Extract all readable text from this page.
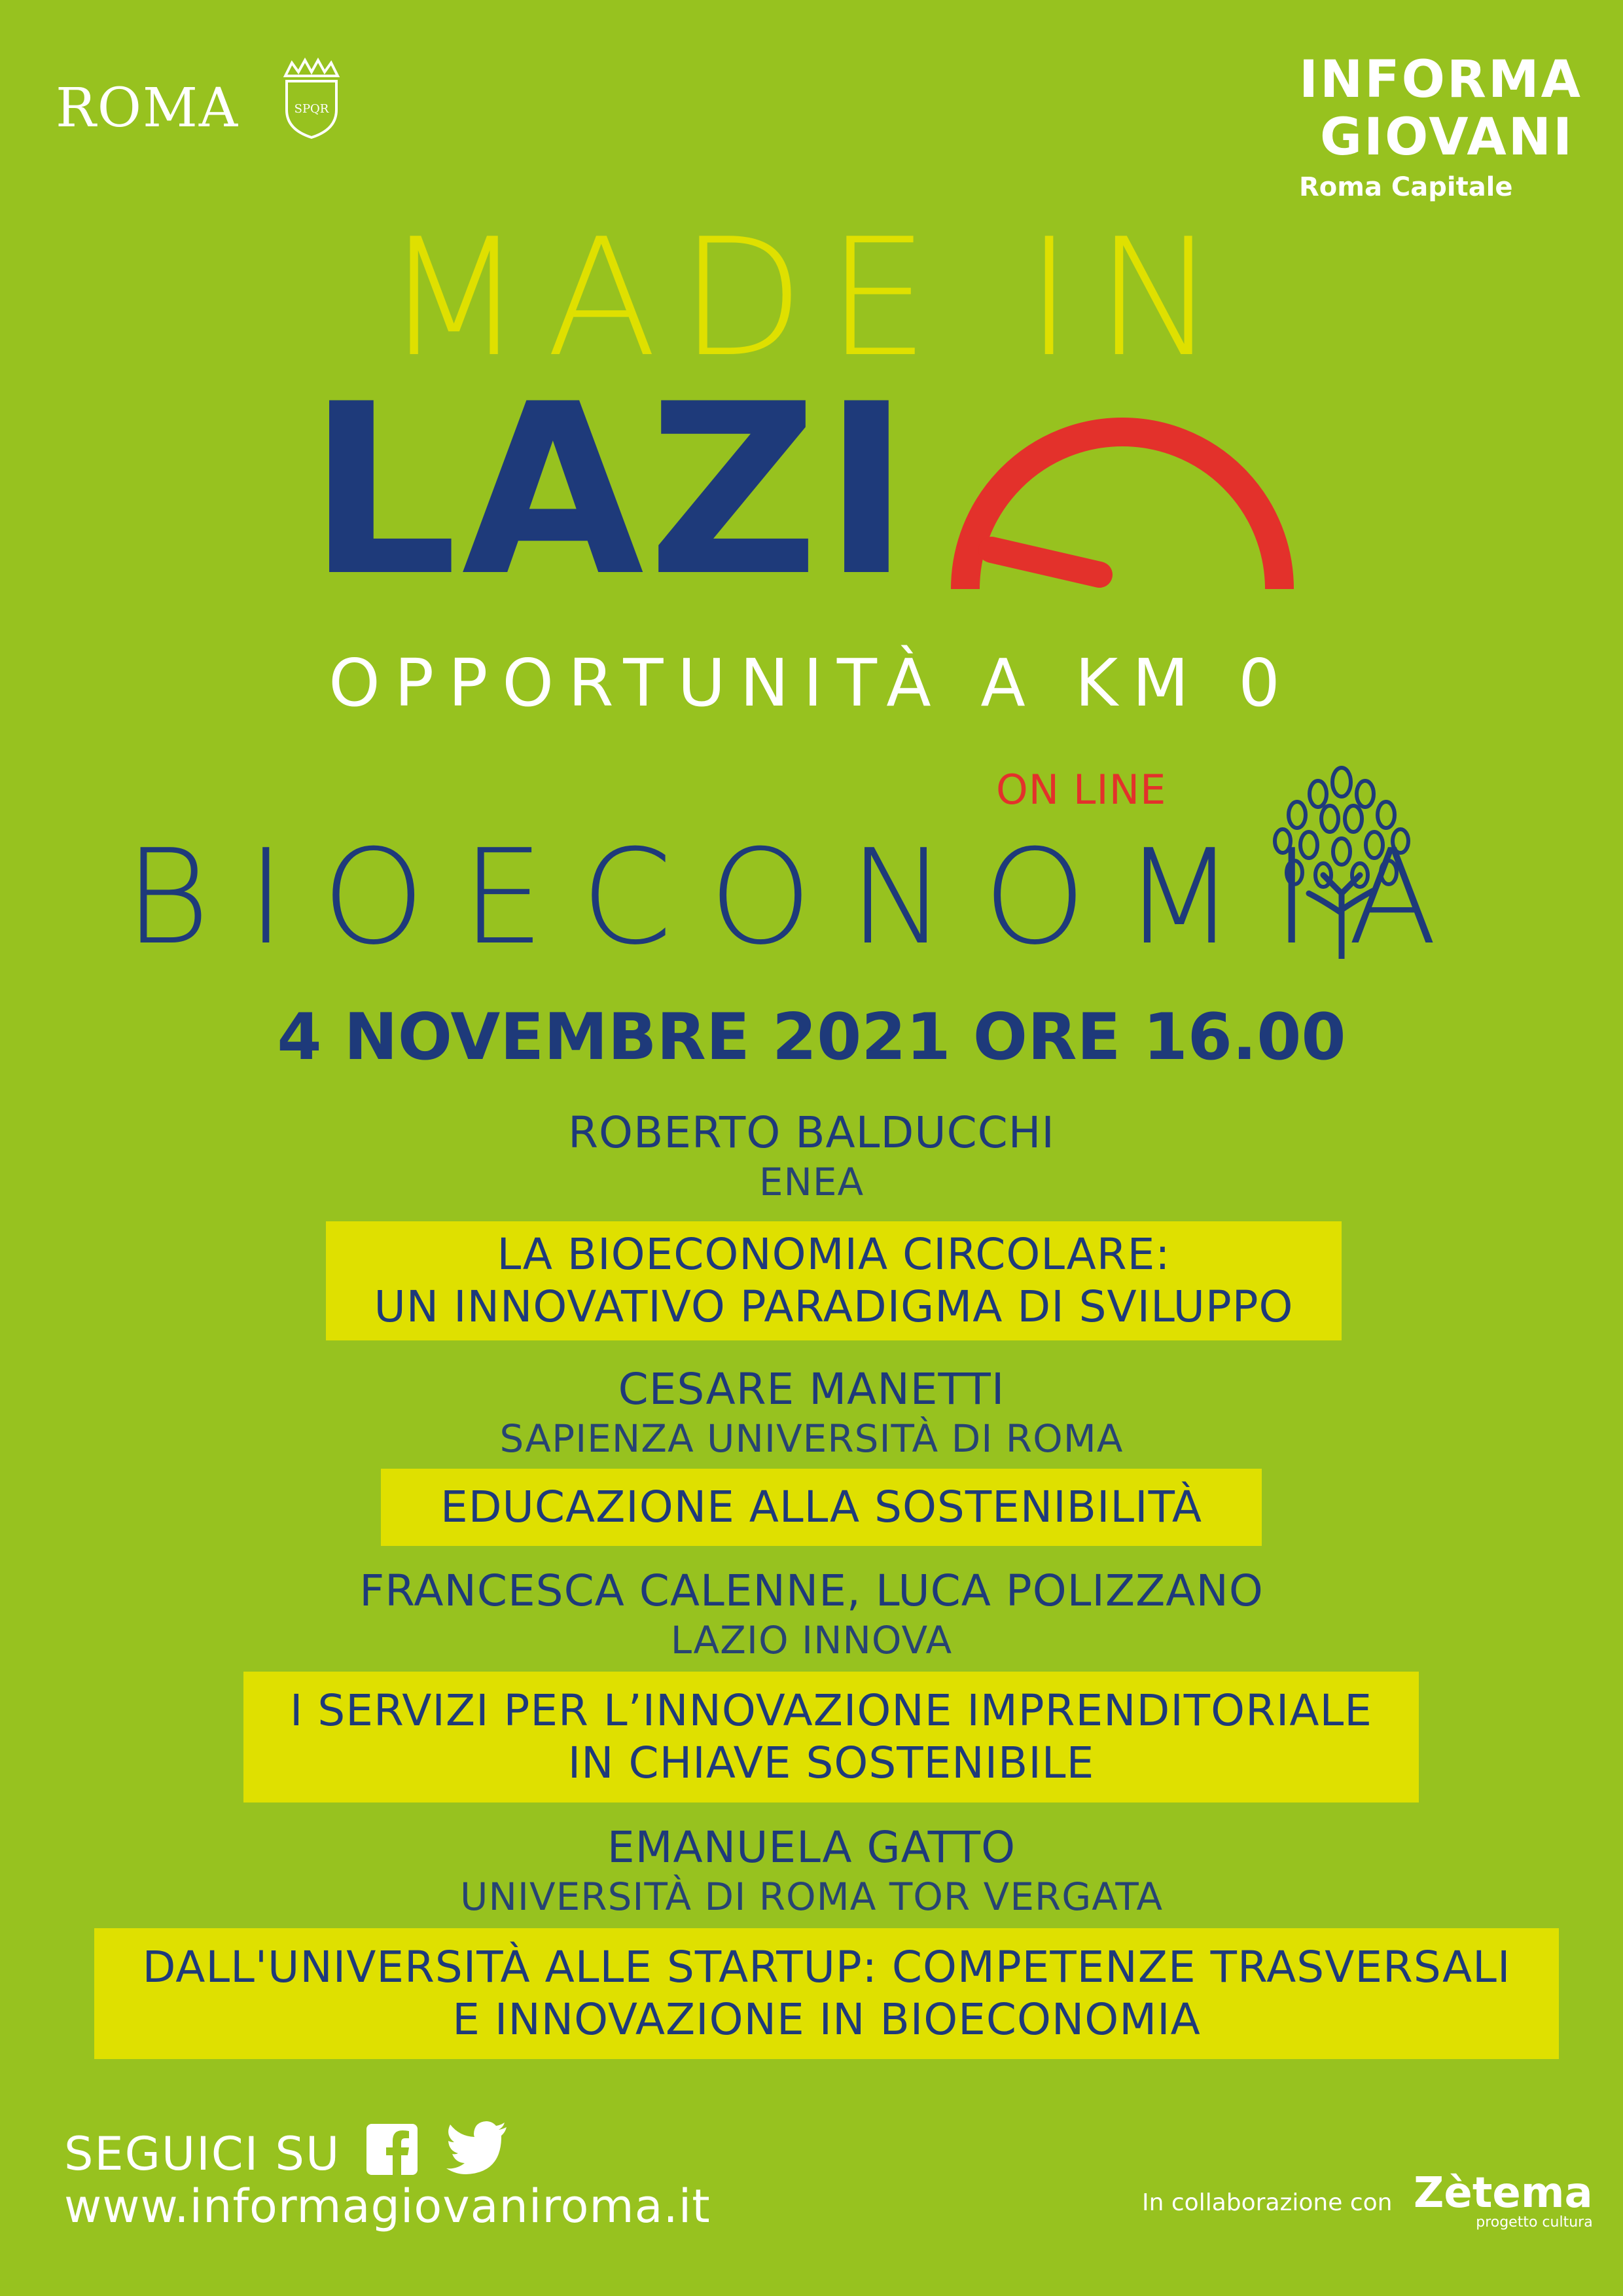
ROMA	SPQR	INFORMA
GIOVANI
Roma Capitale
MADE IN
LAZI
OPPORTUNITÀ A KM 0
ON LINE
BIOECONOMIA
4 NOVEMBRE 2021 ORE 16.00
ROBERTO BALDUCCHI
ENEA
LA BIOECONOMIA CIRCOLARE:
UN INNOVATIVO PARADIGMA DI SVILUPPO
CESARE MANETTI
SAPIENZA UNIVERSITÀ DI ROMA
EDUCAZIONE ALLA SOSTENIBILITÀ
FRANCESCA CALENNE, LUCA POLIZZANO
LAZIO INNOVA
I SERVIZI PER L’INNOVAZIONE IMPRENDITORIALE
IN CHIAVE SOSTENIBILE
EMANUELA GATTO
UNIVERSITÀ DI ROMA TOR VERGATA
DALL'UNIVERSITÀ ALLE STARTUP: COMPETENZE TRASVERSALI
E INNOVAZIONE IN BIOECONOMIA
SEGUICI SU
www.informagiovaniroma.it	In collaborazione con Zètema
progetto cultura
